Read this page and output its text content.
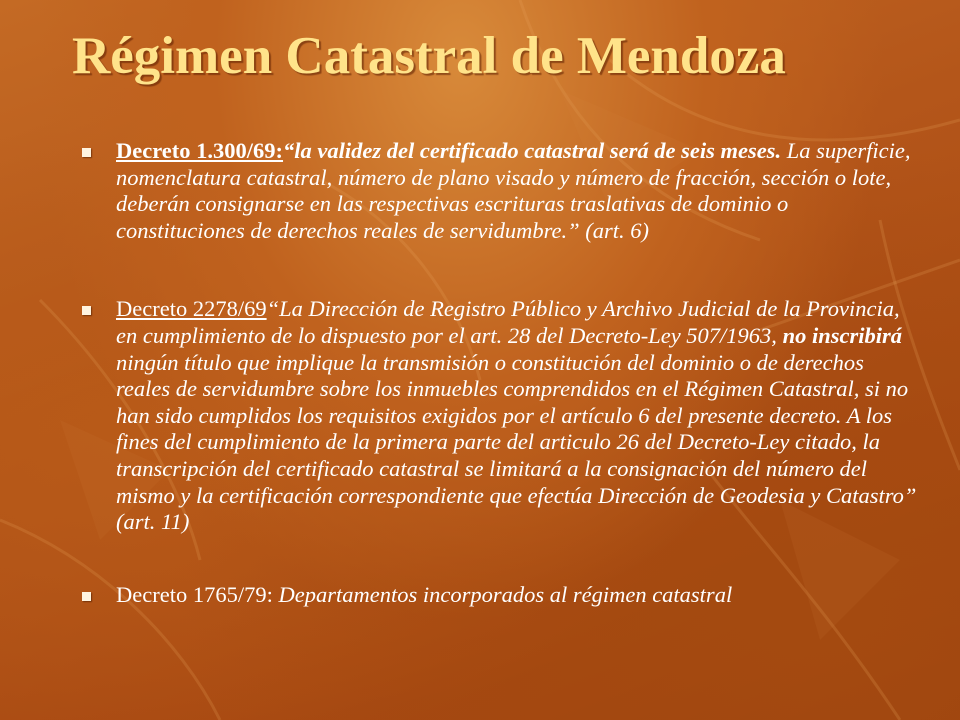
Régimen Catastral de Mendoza
Decreto 1.300/69:“la validez del certificado catastral será de seis meses. La superficie, nomenclatura catastral, número de plano visado y número de fracción, sección o lote, deberán consignarse en las respectivas escrituras traslativas de dominio o constituciones de derechos reales de servidumbre.” (art. 6)
Decreto 2278/69“La Dirección de Registro Público y Archivo Judicial de la Provincia, en cumplimiento de lo dispuesto por el art. 28 del Decreto-Ley 507/1963, no inscribirá ningún título que implique la transmisión o constitución del dominio o de derechos reales de servidumbre sobre los inmuebles comprendidos en el Régimen Catastral, si no han sido cumplidos los requisitos exigidos por el artículo 6 del presente decreto. A los fines del cumplimiento de la primera parte del articulo 26 del Decreto-Ley citado, la transcripción del certificado catastral se limitará a la consignación del número del mismo y la certificación correspondiente que efectúa Dirección de Geodesia y Catastro” (art. 11)
Decreto 1765/79: Departamentos incorporados al régimen catastral
